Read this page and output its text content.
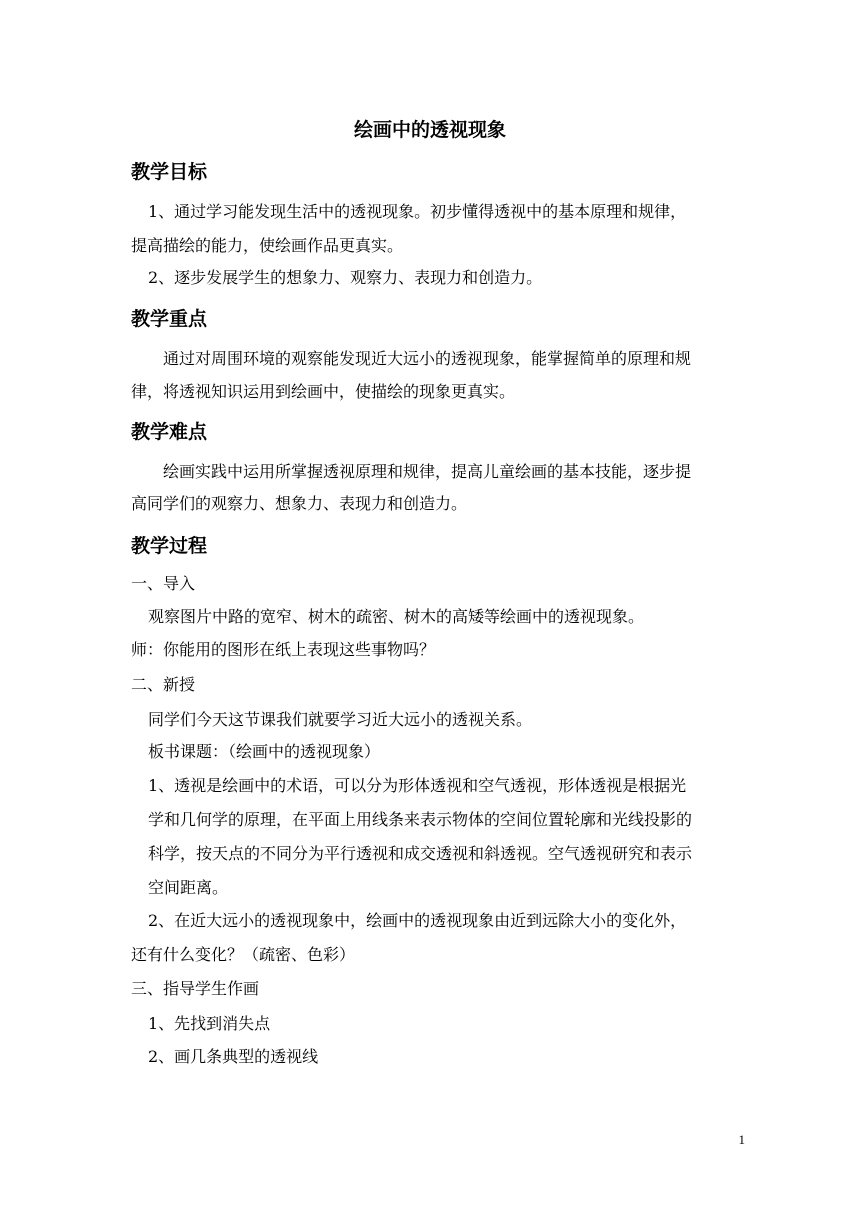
绘画中的透视现象
教学目标

1、通过学习能发现生活中的透视现象。初步懂得透视中的基本原理和规律，

提高描绘的能力，使绘画作品更真实。

2、逐步发展学生的想象力、观察力、表现力和创造力。

教学重点

通过对周围环境的观察能发现近大远小的透视现象，能掌握简单的原理和规

律，将透视知识运用到绘画中，使描绘的现象更真实。

教学难点

绘画实践中运用所掌握透视原理和规律，提高儿童绘画的基本技能，逐步提

高同学们的观察力、想象力、表现力和创造力。

教学过程

一、导入

观察图片中路的宽窄、树木的疏密、树木的高矮等绘画中的透视现象。

师：你能用的图形在纸上表现这些事物吗？

二、新授

同学们今天这节课我们就要学习近大远小的透视关系。

板书课题：（绘画中的透视现象）

1、透视是绘画中的术语，可以分为形体透视和空气透视，形体透视是根据光

学和几何学的原理，在平面上用线条来表示物体的空间位置轮廓和光线投影的

科学，按天点的不同分为平行透视和成交透视和斜透视。空气透视研究和表示

空间距离。

2、在近大远小的透视现象中，绘画中的透视现象由近到远除大小的变化外，

还有什么变化？（疏密、色彩）

三、指导学生作画

1、先找到消失点

2、画几条典型的透视线

1
